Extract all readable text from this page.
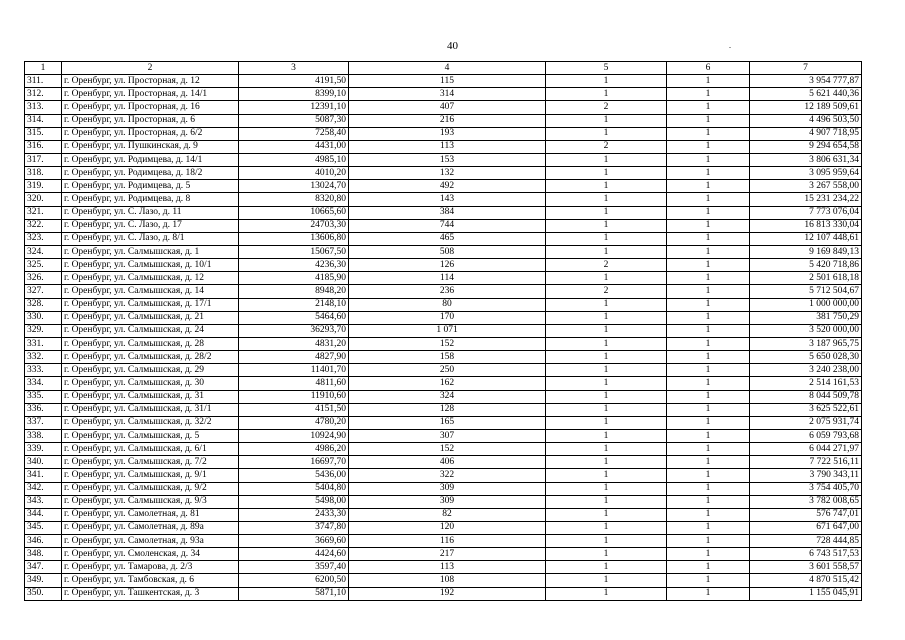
40	.
1	2	3	4	5	6	7
311.	г. Оренбург, ул. Просторная, д. 12	4191,50	115	1	1	3 954 777,87
312.	г. Оренбург, ул. Просторная, д. 14/1	8399,10	314	1	1	5 621 440,36
313.	г. Оренбург, ул. Просторная, д. 16	12391,10	407	2	1	12 189 509,61
314.	г. Оренбург, ул. Просторная, д. 6	5087,30	216	1	1	4 496 503,50
315.	г. Оренбург, ул. Просторная, д. 6/2	7258,40	193	1	1	4 907 718,95
316.	г. Оренбург, ул. Пушкинская, д. 9	4431,00	113	2	1	9 294 654,58
317.	г. Оренбург, ул. Родимцева, д. 14/1	4985,10	153	1	1	3 806 631,34
318.	г. Оренбург, ул. Родимцева, д. 18/2	4010,20	132	1	1	3 095 959,64
319.	г. Оренбург, ул. Родимцева, д. 5	13024,70	492	1	1	3 267 558,00
320.	г. Оренбург, ул. Родимцева, д. 8	8320,80	143	1	1	15 231 234,22
321.	г. Оренбург, ул. С. Лазо, д. 11	10665,60	384	1	1	7 773 076,04
322.	г. Оренбург, ул. С. Лазо, д. 17	24703,30	744	1	1	16 813 330,04
323.	г. Оренбург, ул. С. Лазо, д. 8/1	13606,80	465	1	1	12 107 448,61
324.	г. Оренбург, ул. Салмышская, д. 1	15067,50	508	1	1	9 169 849,13
325.	г. Оренбург, ул. Салмышская, д. 10/1	4236,30	126	2	1	5 420 718,86
326.	г. Оренбург, ул. Салмышская, д. 12	4185,90	114	1	1	2 501 618,18
327.	г. Оренбург, ул. Салмышская, д. 14	8948,20	236	2	1	5 712 504,67
328.	г. Оренбург, ул. Салмышская, д. 17/1	2148,10	80	1	1	1 000 000,00
330.	г. Оренбург, ул. Салмышская, д. 21	5464,60	170	1	1	381 750,29
329.	г. Оренбург, ул. Салмышская, д. 24	36293,70	1 071	1	1	3 520 000,00
331.	г. Оренбург, ул. Салмышская, д. 28	4831,20	152	1	1	3 187 965,75
332.	г. Оренбург, ул. Салмышская, д. 28/2	4827,90	158	1	1	5 650 028,30
333.	г. Оренбург, ул. Салмышская, д. 29	11401,70	250	1	1	3 240 238,00
334.	г. Оренбург, ул. Салмышская, д. 30	4811,60	162	1	1	2 514 161,53
335.	г. Оренбург, ул. Салмышская, д. 31	11910,60	324	1	1	8 044 509,78
336.	г. Оренбург, ул. Салмышская, д. 31/1	4151,50	128	1	1	3 625 522,61
337.	г. Оренбург, ул. Салмышская, д. 32/2	4780,20	165	1	1	2 075 931,74
338.	г. Оренбург, ул. Салмышская, д. 5	10924,90	307	1	1	6 059 793,68
339.	г. Оренбург, ул. Салмышская, д. 6/1	4986,20	152	1	1	6 044 271,97
340.	г. Оренбург, ул. Салмышская, д. 7/2	16697,70	406	1	1	7 722 516,11
341.	г. Оренбург, ул. Салмышская, д. 9/1	5436,00	322	1	1	3 790 343,11
342.	г. Оренбург, ул. Салмышская, д. 9/2	5404,80	309	1	1	3 754 405,70
343.	г. Оренбург, ул. Салмышская, д. 9/3	5498,00	309	1	1	3 782 008,65
344.	г. Оренбург, ул. Самолетная, д. 81	2433,30	82	1	1	576 747,01
345.	г. Оренбург, ул. Самолетная, д. 89а	3747,80	120	1	1	671 647,00
346.	г. Оренбург, ул. Самолетная, д. 93а	3669,60	116	1	1	728 444,85
348.	г. Оренбург, ул. Смоленская, д. 34	4424,60	217	1	1	6 743 517,53
347.	г. Оренбург, ул. Тамарова, д. 2/3	3597,40	113	1	1	3 601 558,57
349.	г. Оренбург, ул. Тамбовская, д. 6	6200,50	108	1	1	4 870 515,42
350.	г. Оренбург, ул. Ташкентская, д. 3	5871,10	192	1	1	1 155 045,91
